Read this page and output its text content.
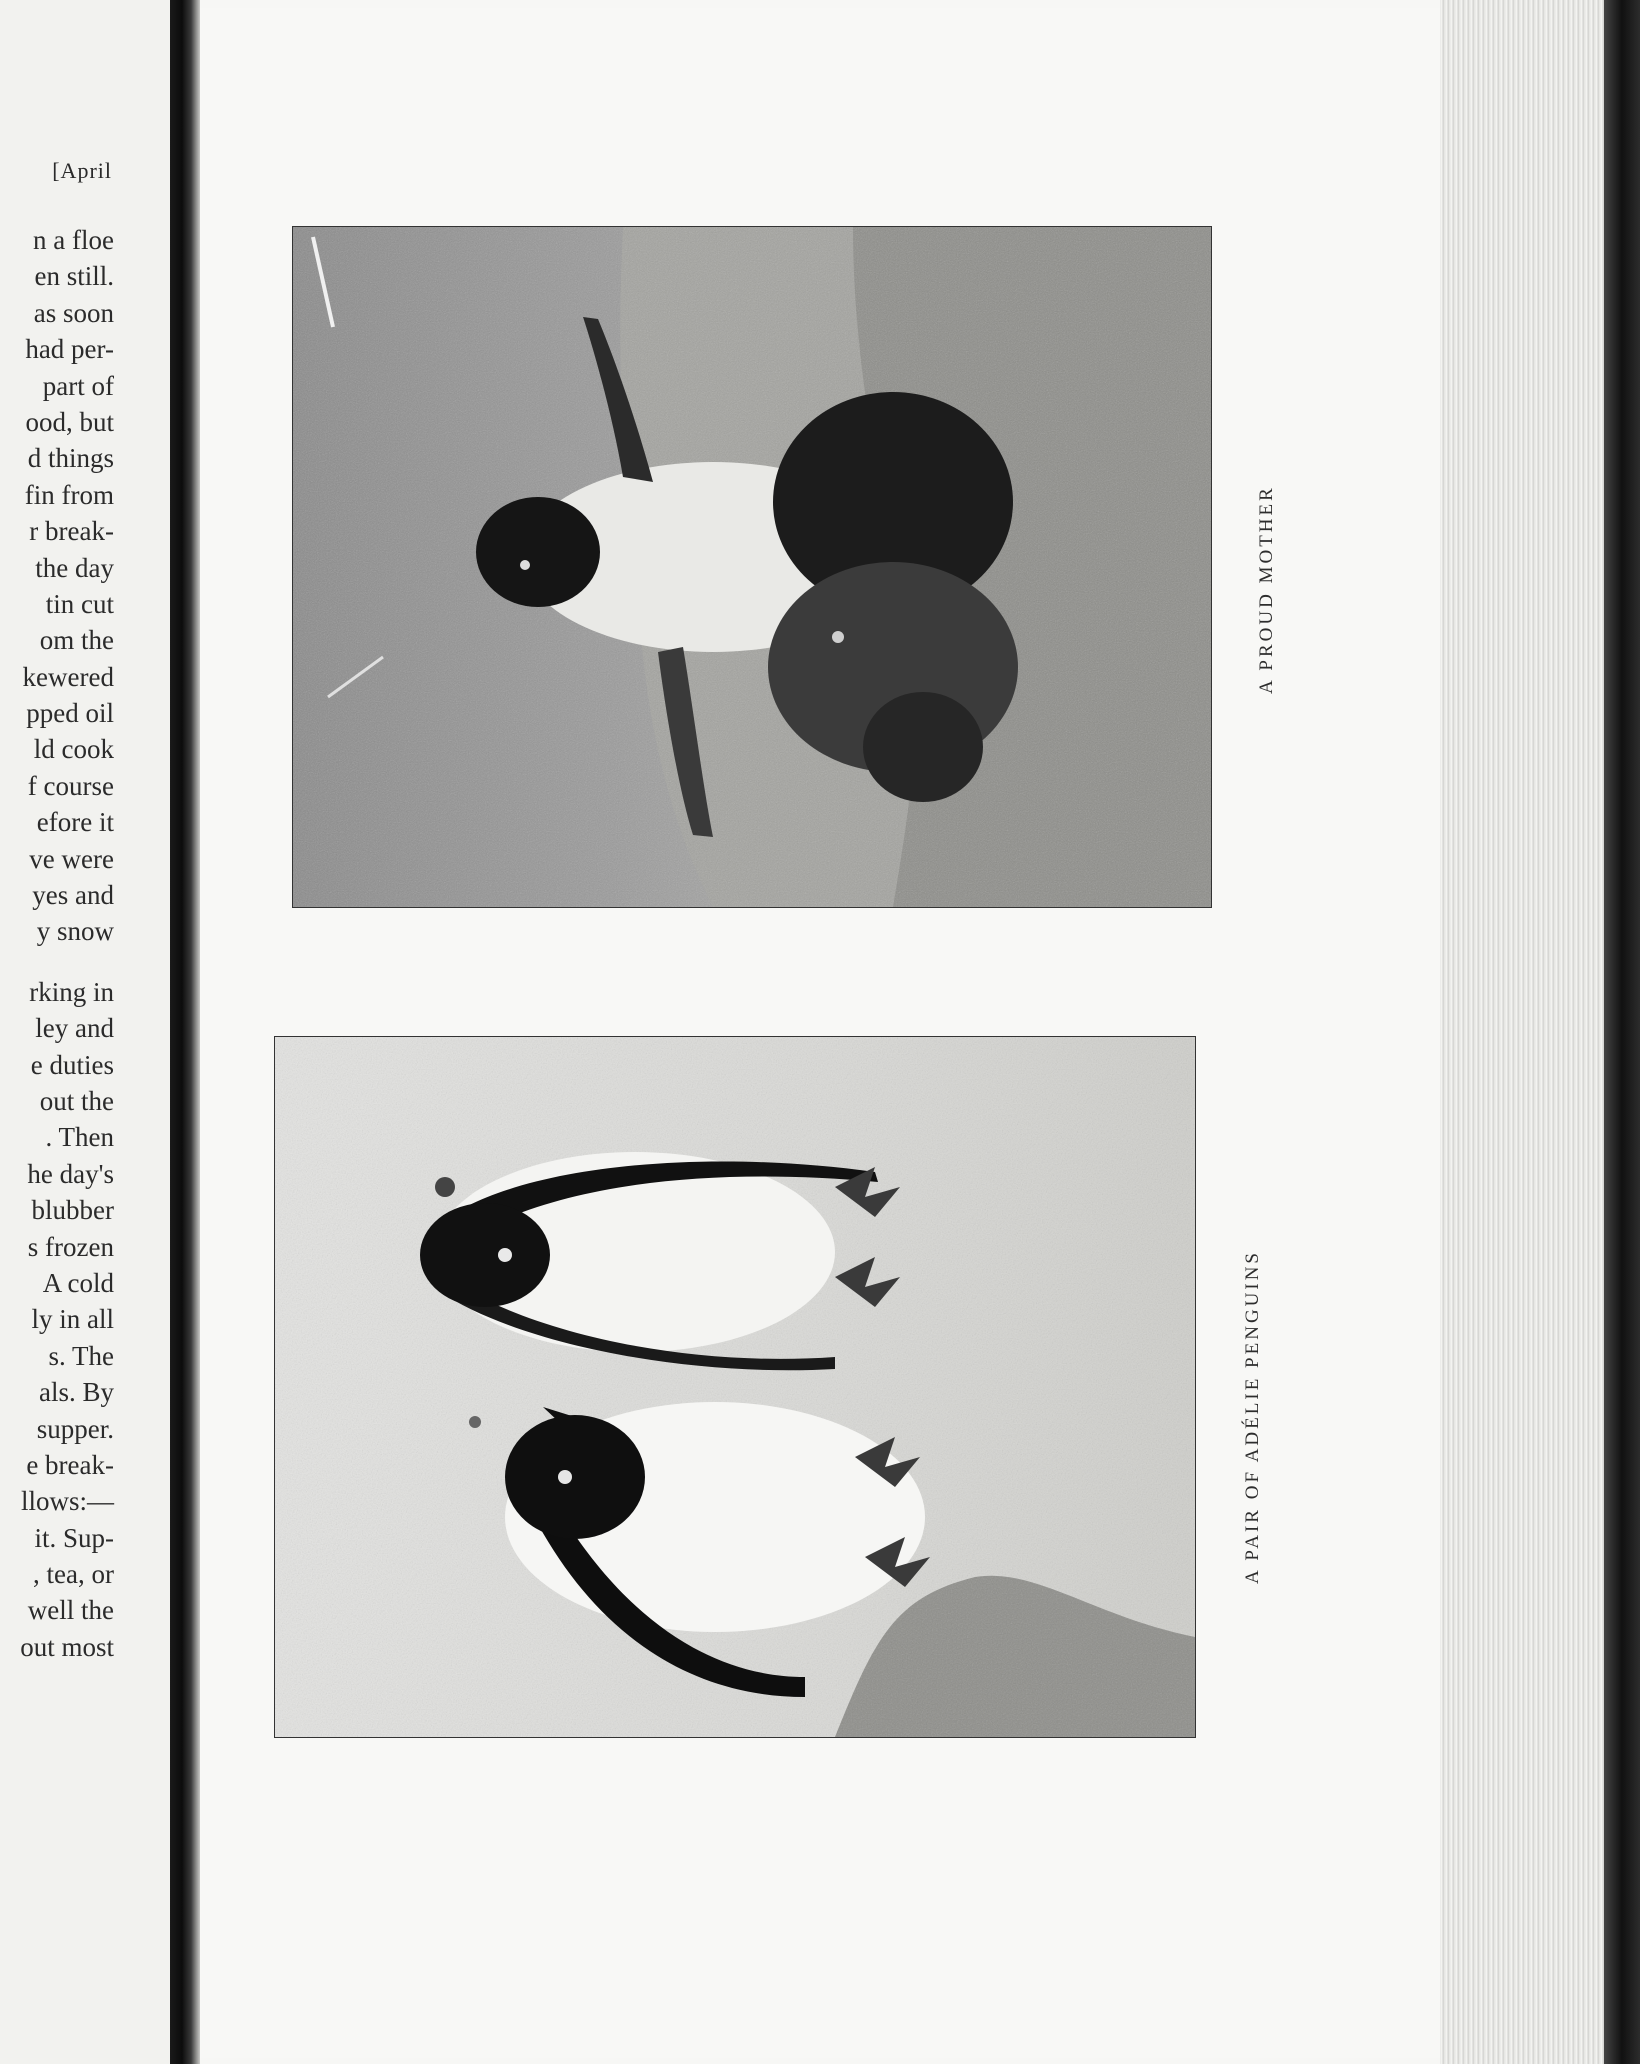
[April
n a floe
en still.
as soon
had per-
part of
ood, but
d things
fin from
r break-
the day
tin cut
om the
kewered
pped oil
ld cook
f course
efore it
ve were
yes and
y snow
rking in
ley and
e duties
out the
. Then
he day's
blubber
s frozen
A cold
ly in all
s. The
als. By
supper.
e break-
llows:—
it. Sup-
, tea, or
well the
out most
A PROUD MOTHER
A PAIR OF ADÉLIE PENGUINS
